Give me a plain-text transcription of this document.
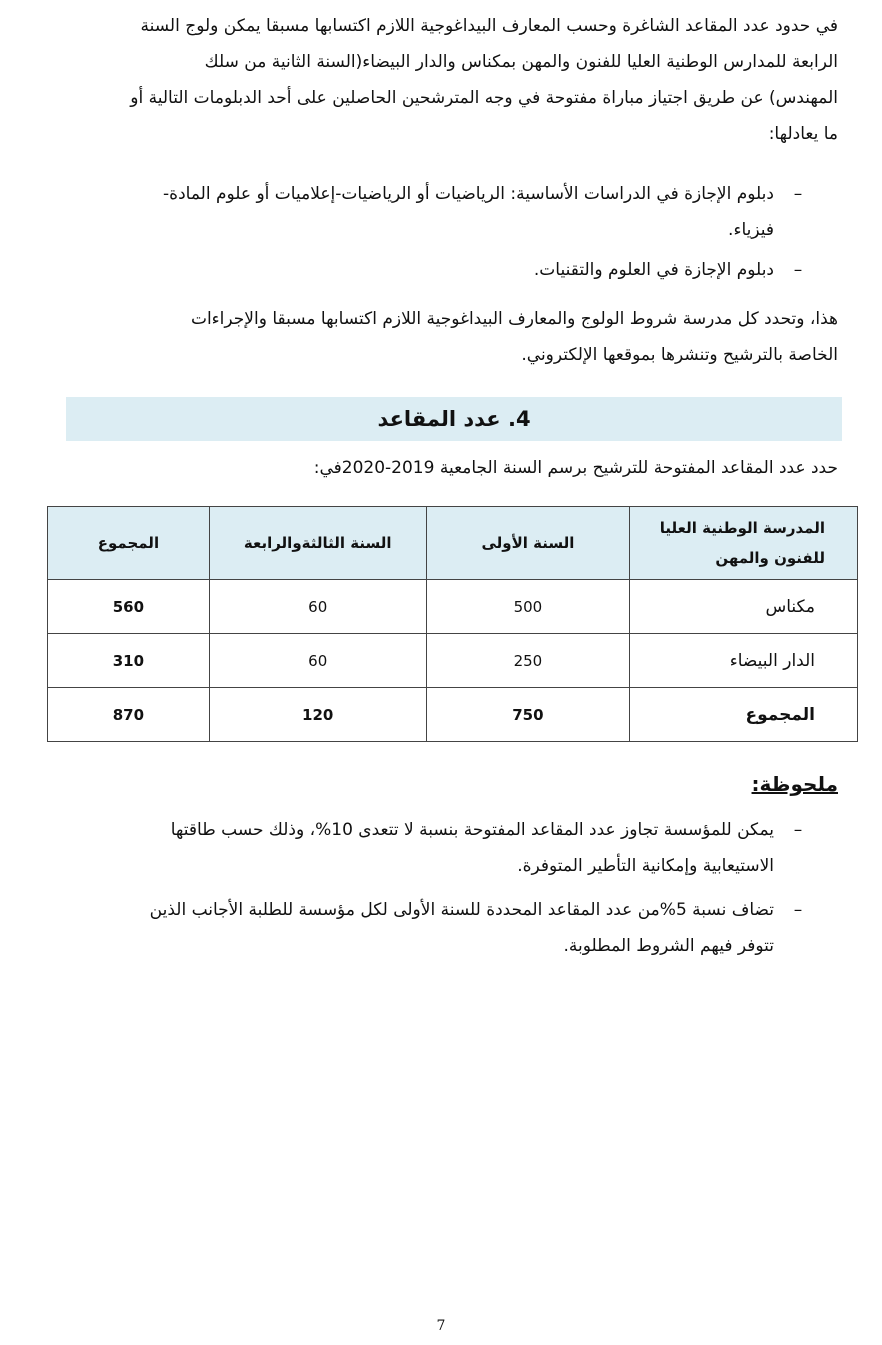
في حدود عدد المقاعد الشاغرة وحسب المعارف البيداغوجية اللازم اكتسابها مسبقا يمكن ولوج السنة
الرابعة للمدارس الوطنية العليا للفنون والمهن بمكناس والدار البيضاء(السنة الثانية من سلك
المهندس) عن طريق اجتياز مباراة مفتوحة في وجه المترشحين الحاصلين على أحد الدبلومات التالية أو
ما يعادلها:
–
دبلوم الإجازة في الدراسات الأساسية: الرياضيات أو الرياضيات-إعلاميات أو علوم المادة-
فيزياء.
–
دبلوم الإجازة في العلوم والتقنيات.
هذا، وتحدد كل مدرسة شروط الولوج والمعارف البيداغوجية اللازم اكتسابها مسبقا والإجراءات
الخاصة بالترشيح وتنشرها بموقعها الإلكتروني.
4. عدد المقاعد
حدد عدد المقاعد المفتوحة للترشيح برسم السنة الجامعية 2019-2020في:
المدرسة الوطنية العليا
للفنون والمهن	السنة الأولى	السنة الثالثةوالرابعة	المجموع
مكناس	500	60	560
الدار البيضاء	250	60	310
المجموع	750	120	870
ملحوظة:
–
يمكن للمؤسسة تجاوز عدد المقاعد المفتوحة بنسبة لا تتعدى 10%، وذلك حسب طاقتها
الاستيعابية وإمكانية التأطير المتوفرة.
–
تضاف نسبة 5%من عدد المقاعد المحددة للسنة الأولى لكل مؤسسة للطلبة الأجانب الذين
تتوفر فيهم الشروط المطلوبة.
7
